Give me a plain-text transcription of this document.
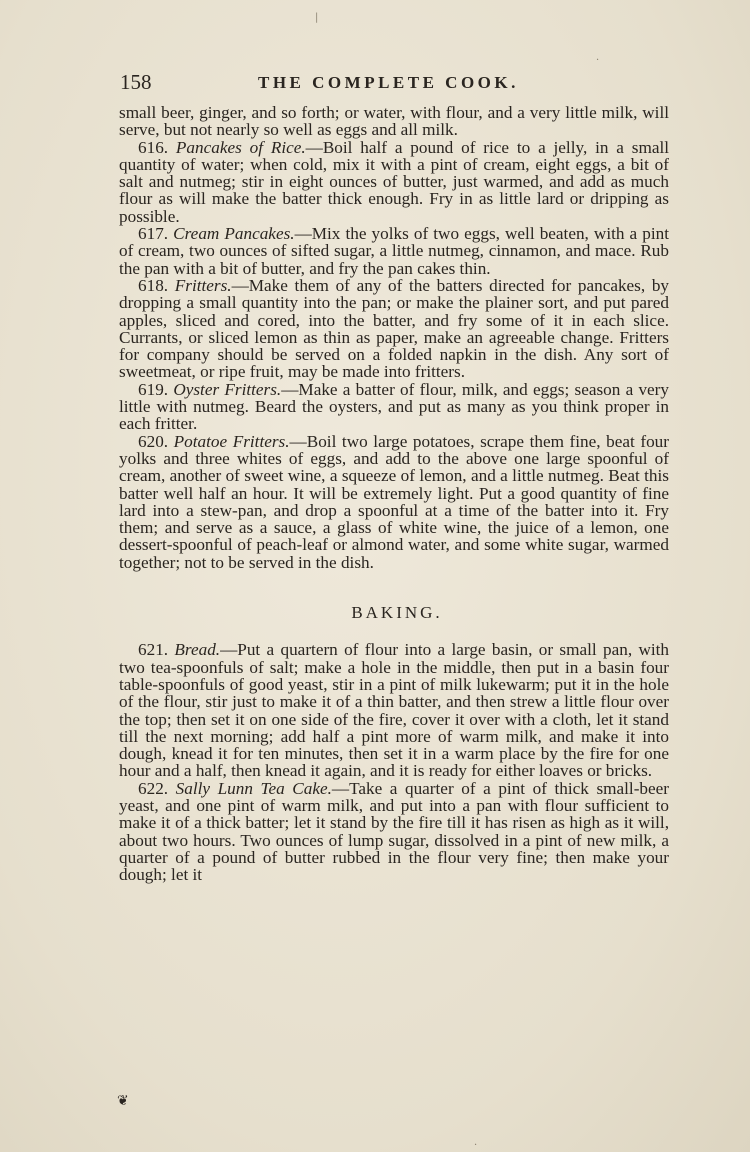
158	THE COMPLETE COOK.

small beer, ginger, and so forth; or water, with flour, and a very little milk, will serve, but not nearly so well as eggs and all milk.

616. Pancakes of Rice.—Boil half a pound of rice to a jelly, in a small quantity of water; when cold, mix it with a pint of cream, eight eggs, a bit of salt and nutmeg; stir in eight ounces of butter, just warmed, and add as much flour as will make the batter thick enough. Fry in as little lard or dripping as possible.

617. Cream Pancakes.—Mix the yolks of two eggs, well beaten, with a pint of cream, two ounces of sifted sugar, a little nutmeg, cinnamon, and mace. Rub the pan with a bit of butter, and fry the pan cakes thin.

618. Fritters.—Make them of any of the batters directed for pancakes, by dropping a small quantity into the pan; or make the plainer sort, and put pared apples, sliced and cored, into the batter, and fry some of it in each slice. Currants, or sliced lemon as thin as paper, make an agreeable change. Fritters for company should be served on a folded napkin in the dish. Any sort of sweetmeat, or ripe fruit, may be made into fritters.

619. Oyster Fritters.—Make a batter of flour, milk, and eggs; season a very little with nutmeg. Beard the oysters, and put as many as you think proper in each fritter.

620. Potatoe Fritters.—Boil two large potatoes, scrape them fine, beat four yolks and three whites of eggs, and add to the above one large spoonful of cream, another of sweet wine, a squeeze of lemon, and a little nutmeg. Beat this batter well half an hour. It will be extremely light. Put a good quantity of fine lard into a stew-pan, and drop a spoonful at a time of the batter into it. Fry them; and serve as a sauce, a glass of white wine, the juice of a lemon, one dessert-spoonful of peach-leaf or almond water, and some white sugar, warmed together; not to be served in the dish.

BAKING.

621. Bread.—Put a quartern of flour into a large basin, or small pan, with two tea-spoonfuls of salt; make a hole in the middle, then put in a basin four table-spoonfuls of good yeast, stir in a pint of milk lukewarm; put it in the hole of the flour, stir just to make it of a thin batter, and then strew a little flour over the top; then set it on one side of the fire, cover it over with a cloth, let it stand till the next morning; add half a pint more of warm milk, and make it into dough, knead it for ten minutes, then set it in a warm place by the fire for one hour and a half, then knead it again, and it is ready for either loaves or bricks.

622. Sally Lunn Tea Cake.—Take a quarter of a pint of thick small-beer yeast, and one pint of warm milk, and put into a pan with flour sufficient to make it of a thick batter; let it stand by the fire till it has risen as high as it will, about two hours. Two ounces of lump sugar, dissolved in a pint of new milk, a quarter of a pound of butter rubbed in the flour very fine; then make your dough; let it

❦
|
·
·
